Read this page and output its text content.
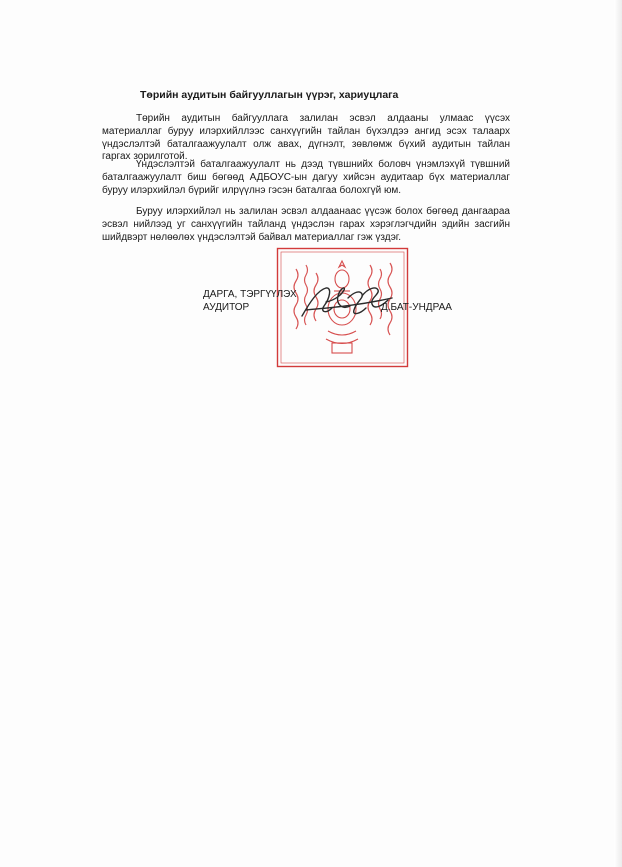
Төрийн аудитын байгууллагын үүрэг, хариуцлага

Төрийн аудитын байгууллага залилан эсвэл алдааны улмаас үүсэх материаллаг буруу илэрхийллээс санхүүгийн тайлан бүхэлдээ ангид эсэх талаарх үндэслэлтэй баталгаажуулалт олж авах, дүгнэлт, зөвлөмж бүхий аудитын тайлан гаргах зорилготой.

Үндэслэлтэй баталгаажуулалт нь дээд түвшнийх боловч үнэмлэхүй түвшний баталгаажуулалт биш бөгөөд АДБОУС-ын дагуу хийсэн аудитаар бүх материаллаг буруу илэрхийлэл бүрийг илрүүлнэ гэсэн баталгаа болохгүй юм.

Буруу илэрхийлэл нь залилан эсвэл алдаанаас үүсэж болох бөгөөд дангаараа эсвэл нийлээд уг санхүүгийн тайланд үндэслэн гарах хэрэглэгчдийн эдийн засгийн шийдвэрт нөлөөлөх үндэслэлтэй байвал материаллаг гэж үздэг.

ДАРГА, ТЭРГҮҮЛЭХ

АУДИТОР	Д.БАТ-УНДРАА
